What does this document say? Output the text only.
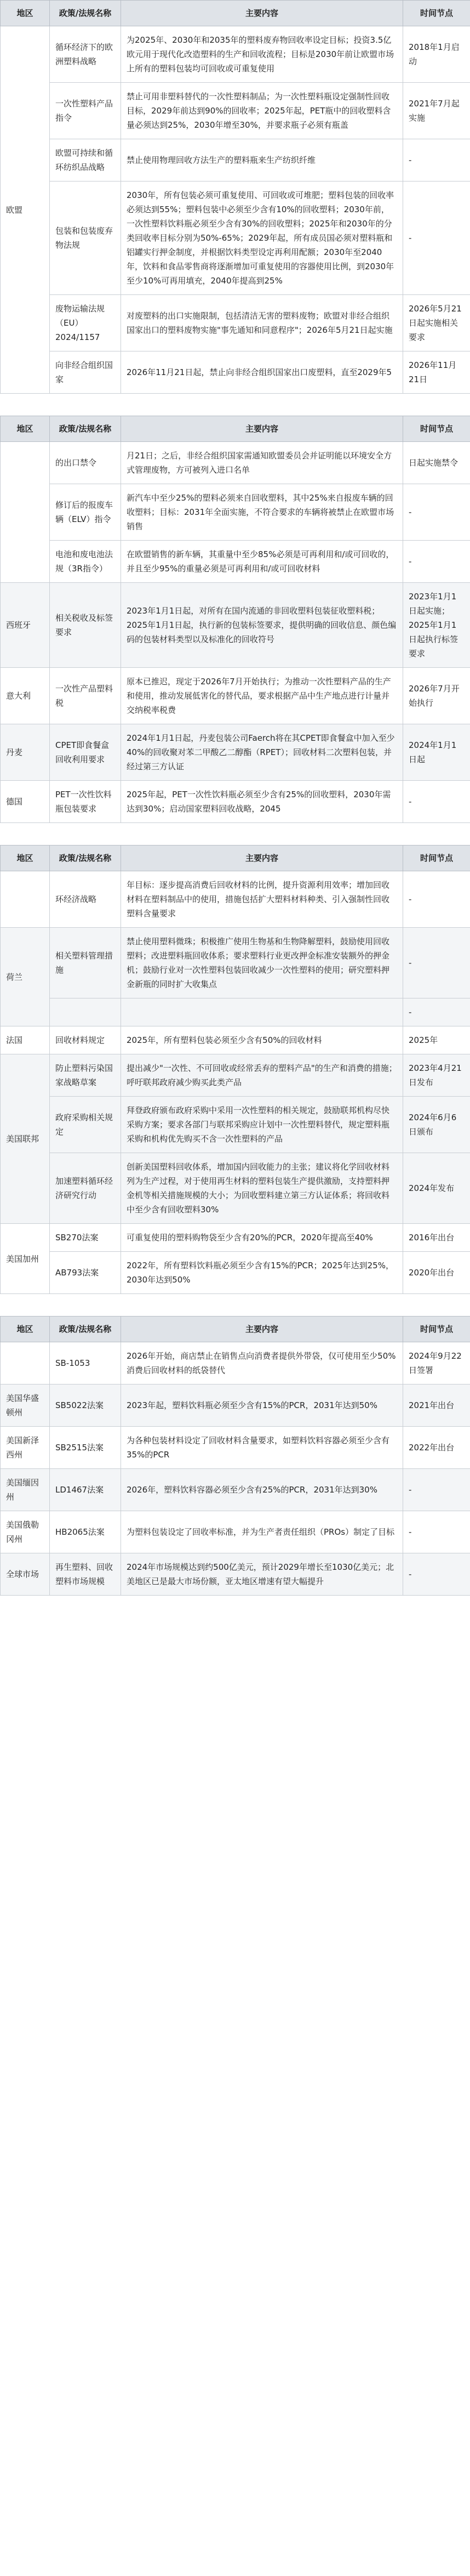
地区	政策/法规名称	主要内容	时间节点
欧盟	循环经济下的欧洲塑料战略	为2025年、2030年和2035年的塑料废弃物回收率设定目标；投资3.5亿欧元用于现代化改造塑料的生产和回收流程；目标是2030年前让欧盟市场上所有的塑料包装均可回收或可重复使用	2018年1月启动
	一次性塑料产品指令	禁止可用非塑料替代的一次性塑料制品；为一次性塑料瓶设定强制性回收目标，2029年前达到90%的回收率；2025年起，PET瓶中的回收塑料含量必须达到25%，2030年增至30%，并要求瓶子必须有瓶盖	2021年7月起实施
	欧盟可持续和循环纺织品战略	禁止使用物理回收方法生产的塑料瓶来生产纺织纤维	-
	包装和包装废弃物法规	2030年，所有包装必须可重复使用、可回收或可堆肥；塑料包装的回收率必须达到55%；塑料包装中必须至少含有10%的回收塑料；2030年前，一次性塑料饮料瓶必须至少含有30%的回收塑料；2025年和2030年的分类回收率目标分别为50%-65%；2029年起，所有成员国必须对塑料瓶和铝罐实行押金制度，并根据饮料类型设定再利用配额；2030年至2040年，饮料和食品零售商将逐渐增加可重复使用的容器使用比例，到2030年至少10%可再用填充，2040年提高到25%	-
	废物运输法规（EU）2024/1157	对废塑料的出口实施限制，包括清洁无害的塑料废物；欧盟对非经合组织国家出口的塑料废物实施"事先通知和同意程序"；2026年5月21日起实施	2026年5月21日起实施相关要求
	向非经合组织国家	2026年11月21日起，禁止向非经合组织国家出口废塑料，直至2029年5	2026年11月21日
地区	政策/法规名称	主要内容	时间节点
	的出口禁令	月21日；之后，非经合组织国家需通知欧盟委员会并证明能以环境安全方式管理废物，方可被列入进口名单	日起实施禁令
	修订后的报废车辆（ELV）指令	新汽车中至少25%的塑料必须来自回收塑料，其中25%来自报废车辆的回收塑料；目标：2031年全面实施，不符合要求的车辆将被禁止在欧盟市场销售	-
	电池和废电池法规（3R指令）	在欧盟销售的新车辆，其重量中至少85%必须是可再利用和/或可回收的，并且至少95%的重量必须是可再利用和/或可回收材料	-
西班牙	相关税收及标签要求	2023年1月1日起，对所有在国内流通的非回收塑料包装征收塑料税；2025年1月1日起，执行新的包装标签要求，提供明确的回收信息、颜色编码的包装材料类型以及标准化的回收符号	2023年1月1日起实施；2025年1月1日起执行标签要求
意大利	一次性产品塑料税	原本已推迟，现定于2026年7月开始执行；为推动一次性塑料产品的生产和使用，推动发展低害化的替代品，要求根据产品中生产地点进行计量并交纳税率税费	2026年7月开始执行
丹麦	CPET即食餐盒回收利用要求	2024年1月1日起，丹麦包装公司Faerch将在其CPET即食餐盒中加入至少40%的回收聚对苯二甲酸乙二醇酯（RPET）；回收材料二次塑料包装，并经过第三方认证	2024年1月1日起
德国	PET一次性饮料瓶包装要求	2025年起，PET一次性饮料瓶必须至少含有25%的回收塑料，2030年需达到30%；启动国家塑料回收战略，2045	-
地区	政策/法规名称	主要内容	时间节点
	环经济战略	年目标：逐步提高消费后回收材料的比例，提升资源利用效率；增加回收材料在塑料制品中的使用，措施包括扩大塑料材料种类、引入强制性回收塑料含量要求	-
荷兰	相关塑料管理措施	禁止使用塑料微珠；积极推广使用生物基和生物降解塑料，鼓励使用回收塑料；改进塑料瓶回收体系；要求塑料行业更改押金标准安装额外的押金机；鼓励行业对一次性塑料包装回收减少一次性塑料的使用；研究塑料押金新瓶的同时扩大收集点	-
			-
法国	回收材料规定	2025年，所有塑料包装必须至少含有50%的回收材料	2025年
美国联邦	防止塑料污染国家战略草案	提出减少"一次性、不可回收或经常丢弃的塑料产品"的生产和消费的措施；呼吁联邦政府减少购买此类产品	2023年4月21日发布
	政府采购相关规定	拜登政府颁布政府采购中采用一次性塑料的相关规定，鼓励联邦机构尽快采购方案；要求各部门与联邦采购应计划中一次性塑料替代，规定塑料瓶采购和机构优先购买不含一次性塑料的产品	2024年6月6日颁布
	加速塑料循环经济研究行动	创新美国塑料回收体系，增加国内回收能力的主张；建议将化学回收材料列为生产过程，对于使用再生材料的塑料包装生产提供激励，支持塑料押金机等相关措施规模的大小；为回收塑料建立第三方认证体系；将回收料中至少含有回收塑料30%	2024年发布
美国加州	SB270法案	可重复使用的塑料购物袋至少含有20%的PCR，2020年提高至40%	2016年出台
	AB793法案	2022年，所有塑料饮料瓶必须至少含有15%的PCR；2025年达到25%，2030年达到50%	2020年出台
地区	政策/法规名称	主要内容	时间节点
	SB-1053	2026年开始，商店禁止在销售点向消费者提供外带袋，仅可使用至少50%消费后回收材料的纸袋替代	2024年9月22日签署
美国华盛顿州	SB5022法案	2023年起，塑料饮料瓶必须至少含有15%的PCR，2031年达到50%	2021年出台
美国新泽西州	SB2515法案	为各种包装材料设定了回收材料含量要求，如塑料饮料容器必须至少含有35%的PCR	2022年出台
美国缅因州	LD1467法案	2026年，塑料饮料容器必须至少含有25%的PCR，2031年达到30%	-
美国俄勒冈州	HB2065法案	为塑料包装设定了回收率标准，并为生产者责任组织（PROs）制定了目标	-
全球市场	再生塑料、回收塑料市场规模	2024年市场规模达到约500亿美元，预计2029年增长至1030亿美元；北美地区已是最大市场份额，亚太地区增速有望大幅提升	-
